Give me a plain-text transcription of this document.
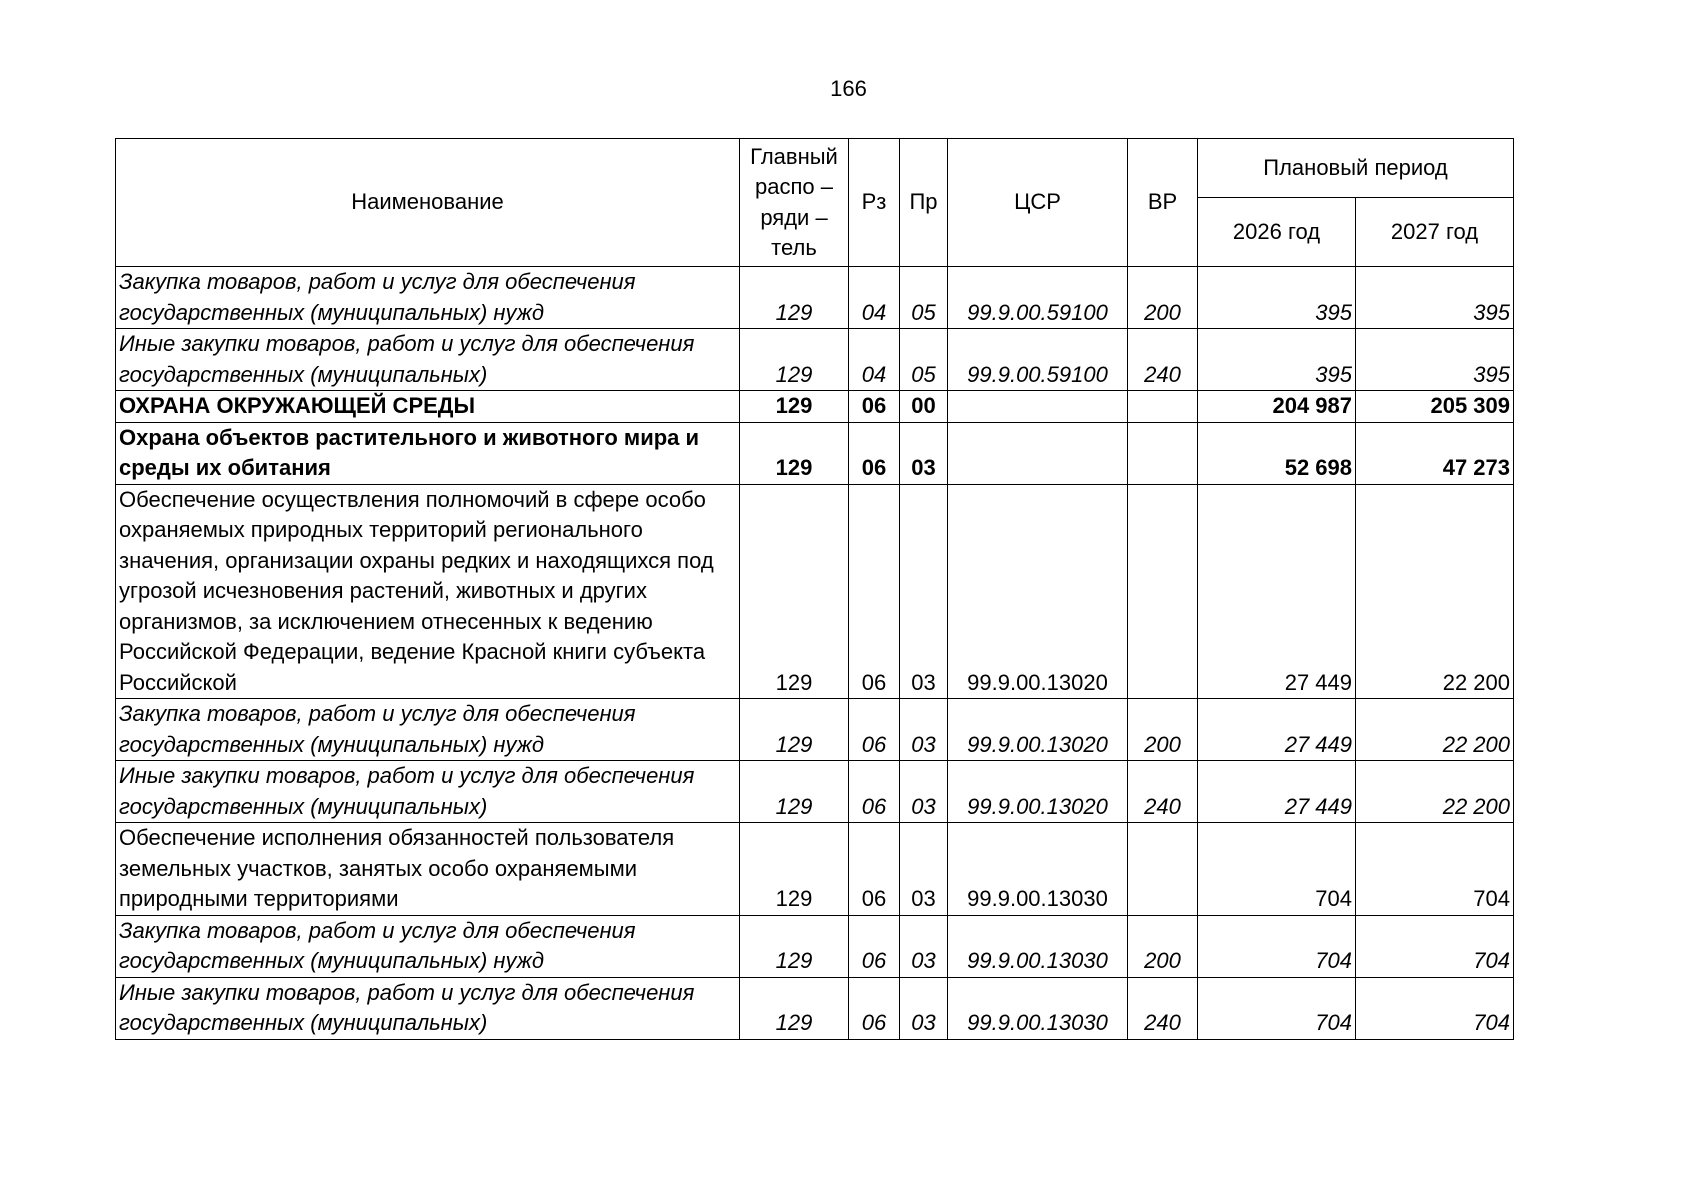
166
Наименование	Главный распо – ряди – тель	Рз	Пр	ЦСР	ВР	Плановый период	
						2026 год	2027 год
Закупка товаров, работ и услуг для обеспечения государственных (муниципальных) нужд	129	04	05	99.9.00.59100	200	395	395
Иные закупки товаров, работ и услуг для обеспечения государственных (муниципальных)	129	04	05	99.9.00.59100	240	395	395
ОХРАНА ОКРУЖАЮЩЕЙ СРЕДЫ	129	06	00			204 987	205 309
Охрана объектов растительного и животного мира и среды их обитания	129	06	03			52 698	47 273
Обеспечение осуществления полномочий в сфере особо охраняемых природных территорий регионального значения, организации охраны редких и находящихся под угрозой исчезновения растений, животных и других организмов, за исключением отнесенных к ведению Российской Федерации, ведение Красной книги субъекта Российской	129	06	03	99.9.00.13020		27 449	22 200
Закупка товаров, работ и услуг для обеспечения государственных (муниципальных) нужд	129	06	03	99.9.00.13020	200	27 449	22 200
Иные закупки товаров, работ и услуг для обеспечения государственных (муниципальных)	129	06	03	99.9.00.13020	240	27 449	22 200
Обеспечение исполнения обязанностей пользователя земельных участков, занятых особо охраняемыми природными территориями	129	06	03	99.9.00.13030		704	704
Закупка товаров, работ и услуг для обеспечения государственных (муниципальных) нужд	129	06	03	99.9.00.13030	200	704	704
Иные закупки товаров, работ и услуг для обеспечения государственных (муниципальных)	129	06	03	99.9.00.13030	240	704	704
